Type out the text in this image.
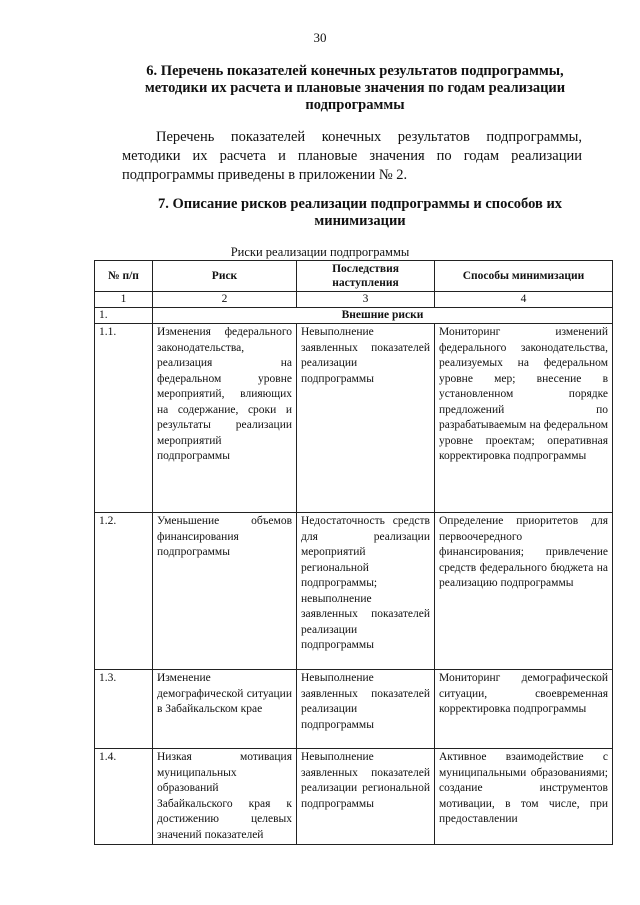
30
6. Перечень показателей конечных результатов подпрограммы, методики их расчета и плановые значения по годам реализации подпрограммы

Перечень показателей конечных результатов подпрограммы, методики их расчета и плановые значения по годам реализации подпрограммы приведены в приложении № 2.

7. Описание рисков реализации подпрограммы и способов их минимизации
Риски реализации подпрограммы
№ п/п	Риск	Последствия наступления	Способы минимизации
1	2	3	4
1.	Внешние риски		
1.1.	Изменения федерального законодательства, реализация на федеральном уровне мероприятий, влияющих на содержание, сроки и результаты реализации мероприятий подпрограммы	Невыполнение заявленных показателей реализации подпрограммы	Мониторинг изменений федерального законодательства, реализуемых на федеральном уровне мер; внесение в установленном порядке предложений по разрабатываемым на федеральном уровне проектам; оперативная корректировка подпрограммы
1.2.	Уменьшение объемов финансирования подпрограммы	Недостаточность средств для реализации мероприятий региональной подпрограммы; невыполнение заявленных показателей реализации подпрограммы	Определение приоритетов для первоочередного финансирования; привлечение средств федерального бюджета на реализацию подпрограммы
1.3.	Изменение демографической ситуации в Забайкальском крае	Невыполнение заявленных показателей реализации подпрограммы	Мониторинг демографической ситуации, своевременная корректировка подпрограммы
1.4.	Низкая мотивация муниципальных образований Забайкальского края к достижению целевых значений показателей	Невыполнение заявленных показателей реализации региональной подпрограммы	Активное взаимодействие с муниципальными образованиями; создание инструментов мотивации, в том числе, при предоставлении
